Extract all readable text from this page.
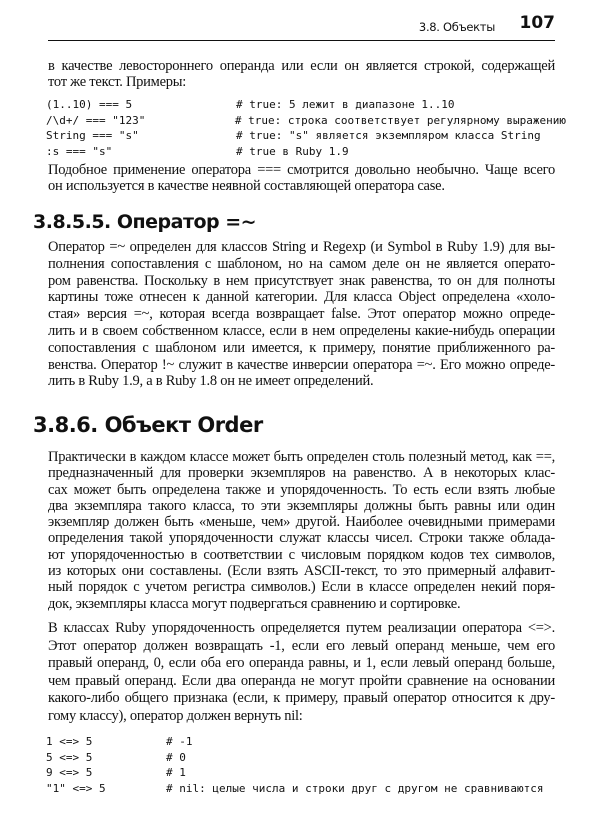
3.8. Объекты 107
в качестве левостороннего операнда или если он является строкой, содержащей
тот же текст. Примеры:
(1..10) === 5	# true: 5 лежит в диапазоне 1..10
/\d+/ === "123"	# true: строка соответствует регулярному выражению
String === "s"	# true: "s" является экземпляром класса String
:s === "s"	# true в Ruby 1.9
Подобное применение оператора === смотрится довольно необычно. Чаще всего
он используется в качестве неявной составляющей оператора case.
3.8.5.5. Оператор =~
Оператор =~ определен для классов String и Regexp (и Symbol в Ruby 1.9) для вы-
полнения сопоставления с шаблоном, но на самом деле он не является операто-
ром равенства. Поскольку в нем присутствует знак равенства, то он для полноты
картины тоже отнесен к данной категории. Для класса Object определена «холо-
стая» версия =~, которая всегда возвращает false. Этот оператор можно опреде-
лить и в своем собственном классе, если в нем определены какие-нибудь операции
сопоставления с шаблоном или имеется, к примеру, понятие приближенного ра-
венства. Оператор !~ служит в качестве инверсии оператора =~. Его можно опреде-
лить в Ruby 1.9, а в Ruby 1.8 он не имеет определений.
3.8.6. Объект Order
Практически в каждом классе может быть определен столь полезный метод, как ==,
предназначенный для проверки экземпляров на равенство. А в некоторых клас-
сах может быть определена также и упорядоченность. То есть если взять любые
два экземпляра такого класса, то эти экземпляры должны быть равны или один
экземпляр должен быть «меньше, чем» другой. Наиболее очевидными примерами
определения такой упорядоченности служат классы чисел. Строки также облада-
ют упорядоченностью в соответствии с числовым порядком кодов тех символов,
из которых они составлены. (Если взять ASCII-текст, то это примерный алфавит-
ный порядок с учетом регистра символов.) Если в классе определен некий поря-
док, экземпляры класса могут подвергаться сравнению и сортировке.
В классах Ruby упорядоченность определяется путем реализации оператора <=>.
Этот оператор должен возвращать -1, если его левый операнд меньше, чем его
правый операнд, 0, если оба его операнда равны, и 1, если левый операнд больше,
чем правый операнд. Если два операнда не могут пройти сравнение на основании
какого-либо общего признака (если, к примеру, правый оператор относится к дру-
гому классу), оператор должен вернуть nil:
1 <=> 5	# -1
5 <=> 5	# 0
9 <=> 5	# 1
"1" <=> 5	# nil: целые числа и строки друг с другом не сравниваются
